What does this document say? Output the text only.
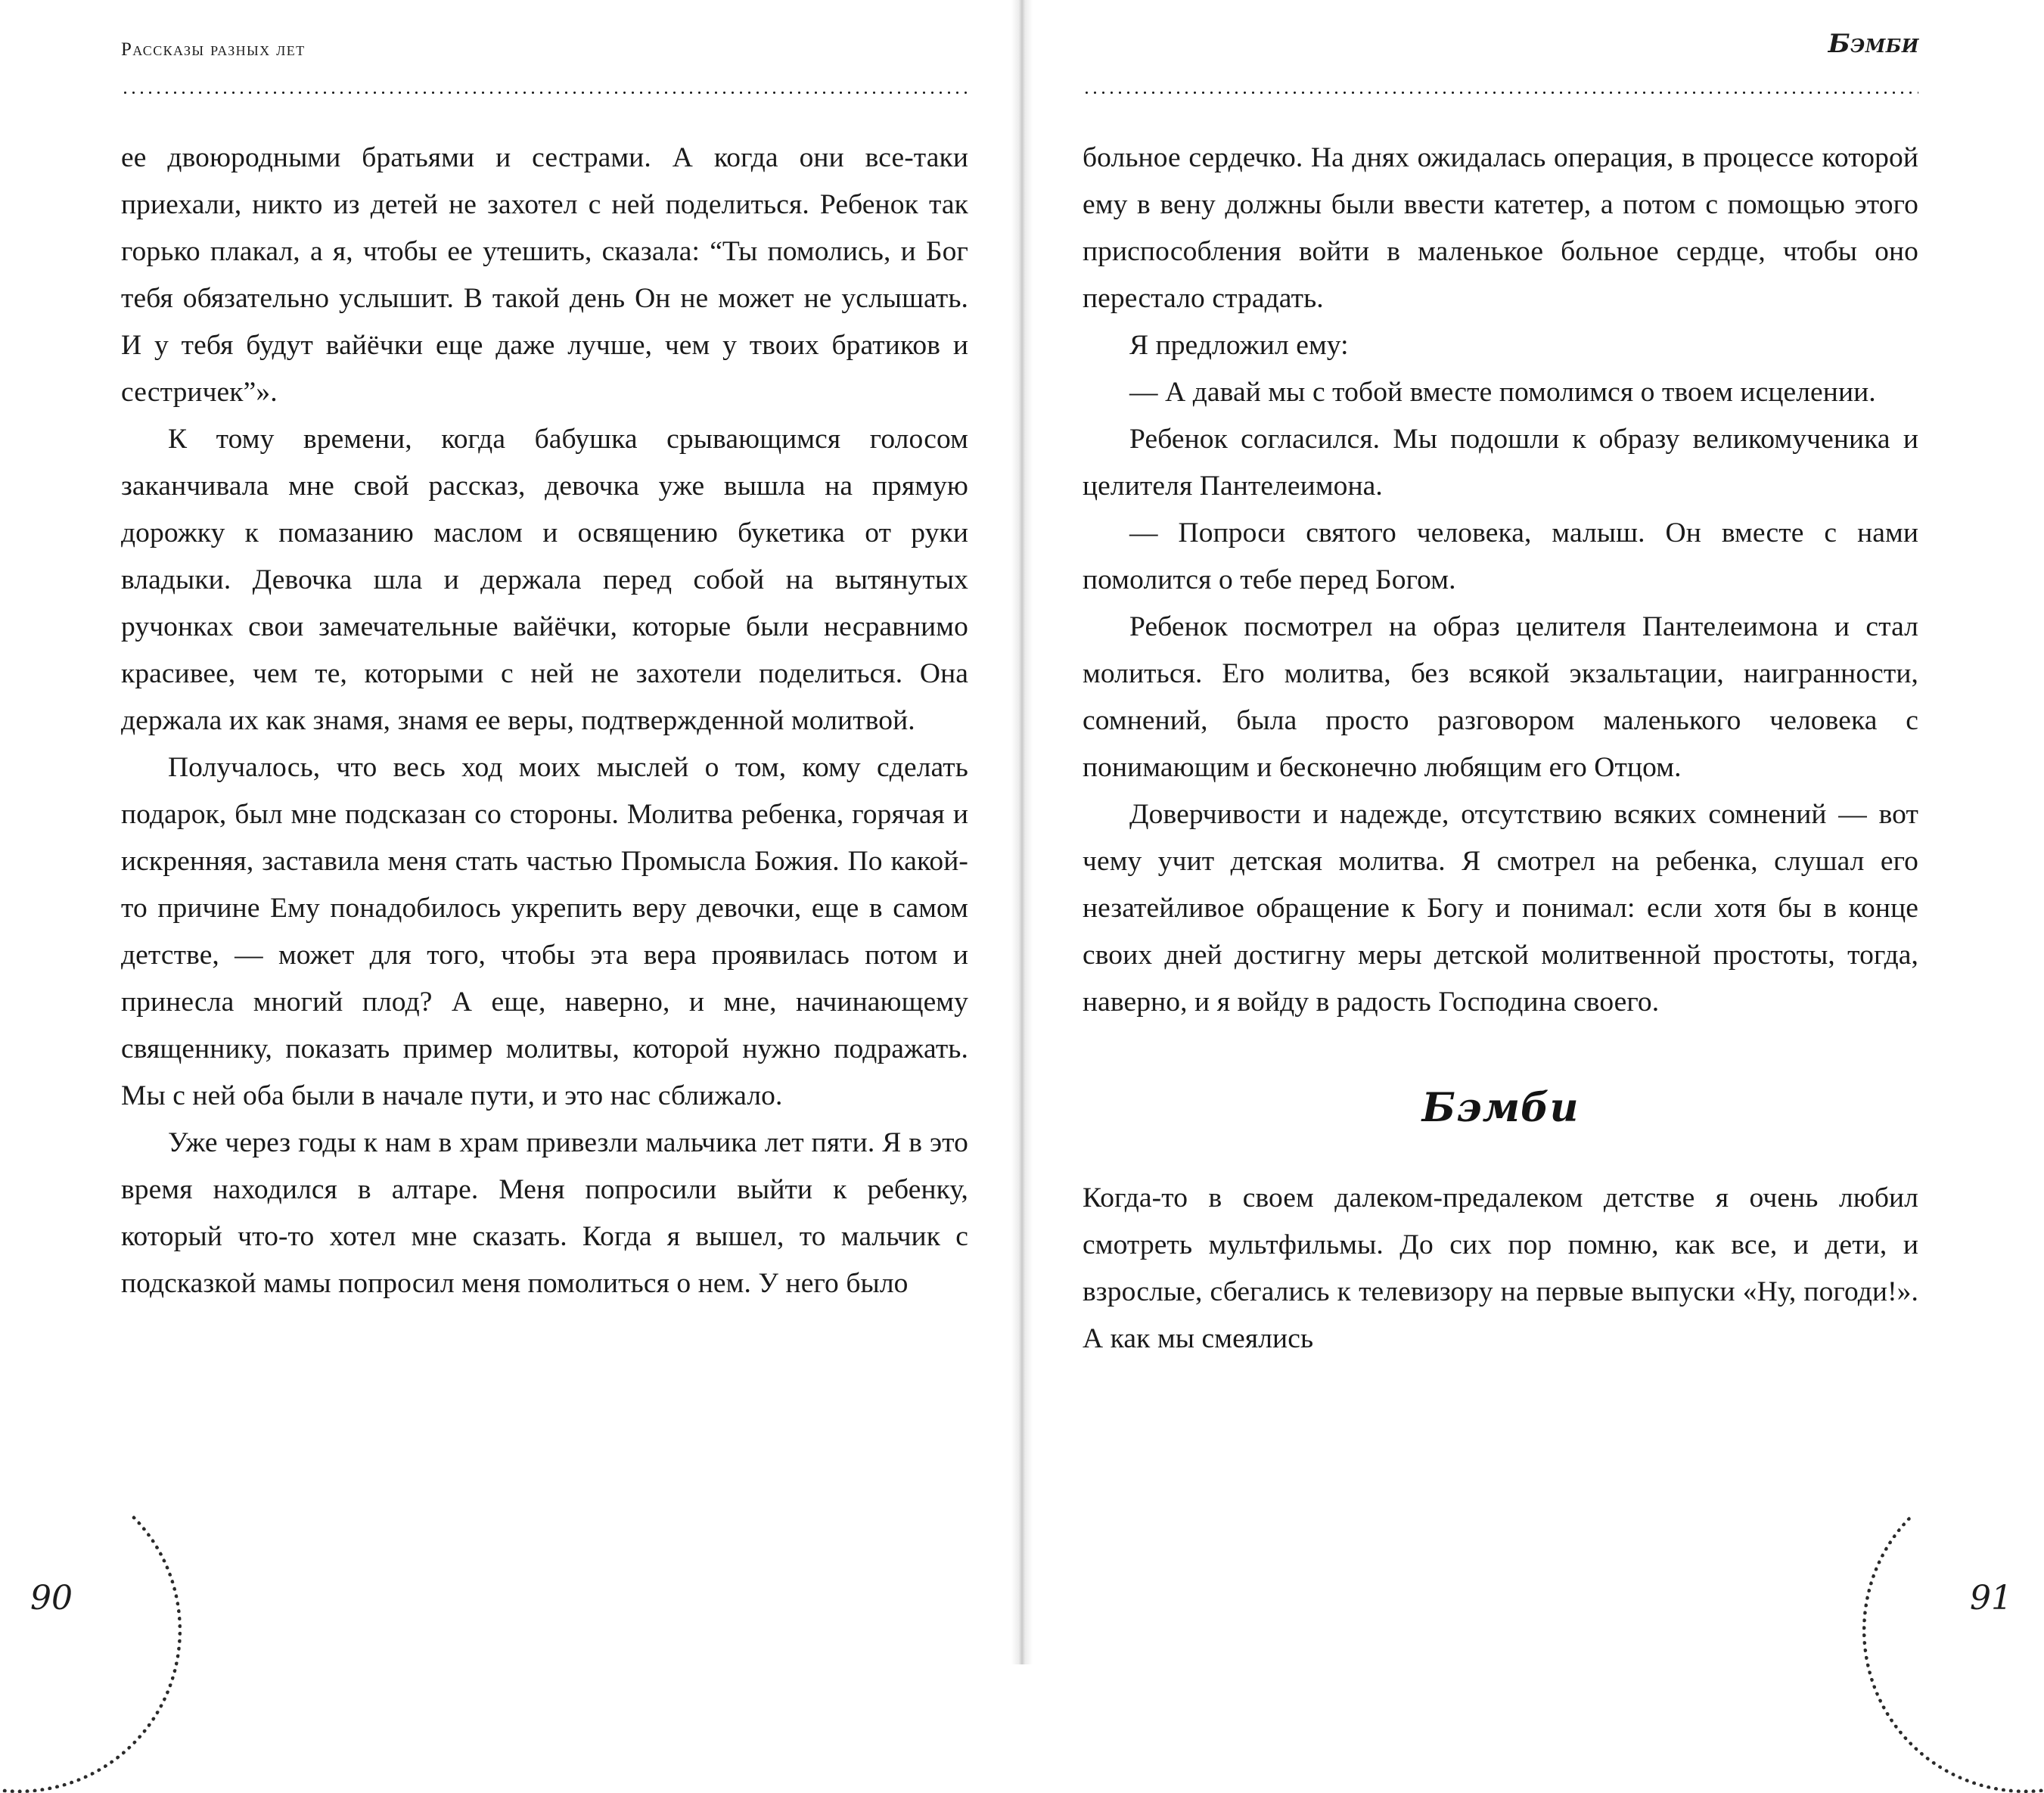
Рассказы разных лет

ее двоюродными братьями и сестрами. А когда они все-таки приехали, никто из детей не захотел с ней поделиться. Ребенок так горько плакал, а я, чтобы ее утешить, сказала: “Ты помолись, и Бог тебя обязательно услышит. В такой день Он не может не услышать. И у тебя будут вайёчки еще даже лучше, чем у твоих братиков и сестричек”».

К тому времени, когда бабушка срывающимся голосом заканчивала мне свой рассказ, девочка уже вышла на прямую дорожку к помазанию маслом и освящению букетика от руки владыки. Девочка шла и держала перед собой на вытянутых ручонках свои замечательные вайёчки, которые были несравнимо красивее, чем те, которыми с ней не захотели поделиться. Она держала их как знамя, знамя ее веры, подтвержденной молитвой.

Получалось, что весь ход моих мыслей о том, кому сделать подарок, был мне подсказан со стороны. Молитва ребенка, горячая и искренняя, заставила меня стать частью Промысла Божия. По какой-то причине Ему понадобилось укрепить веру девочки, еще в самом детстве, — может для того, чтобы эта вера проявилась потом и принесла многий плод? А еще, наверно, и мне, начинающему священнику, показать пример молитвы, которой нужно подражать. Мы с ней оба были в начале пути, и это нас сближало.

Уже через годы к нам в храм привезли мальчика лет пяти. Я в это время находился в алтаре. Меня попросили выйти к ребенку, который что-то хотел мне сказать. Когда я вышел, то мальчик с подсказкой мамы попросил меня помолиться о нем. У него было

90
Бэмби

больное сердечко. На днях ожидалась операция, в процессе которой ему в вену должны были ввести катетер, а потом с помощью этого приспособления войти в маленькое больное сердце, чтобы оно перестало страдать.

Я предложил ему:

— А давай мы с тобой вместе помолимся о твоем исцелении.

Ребенок согласился. Мы подошли к образу великомученика и целителя Пантелеимона.

— Попроси святого человека, малыш. Он вместе с нами помолится о тебе перед Богом.

Ребенок посмотрел на образ целителя Пантелеимона и стал молиться. Его молитва, без всякой экзальтации, наигранности, сомнений, была просто разговором маленького человека с понимающим и бесконечно любящим его Отцом.

Доверчивости и надежде, отсутствию всяких сомнений — вот чему учит детская молитва. Я смотрел на ребенка, слушал его незатейливое обращение к Богу и понимал: если хотя бы в конце своих дней достигну меры детской молитвенной простоты, тогда, наверно, и я войду в радость Господина своего.

Бэмби

Когда-то в своем далеком-предалеком детстве я очень любил смотреть мультфильмы. До сих пор помню, как все, и дети, и взрослые, сбегались к телевизору на первые выпуски «Ну, погоди!». А как мы смеялись

91
